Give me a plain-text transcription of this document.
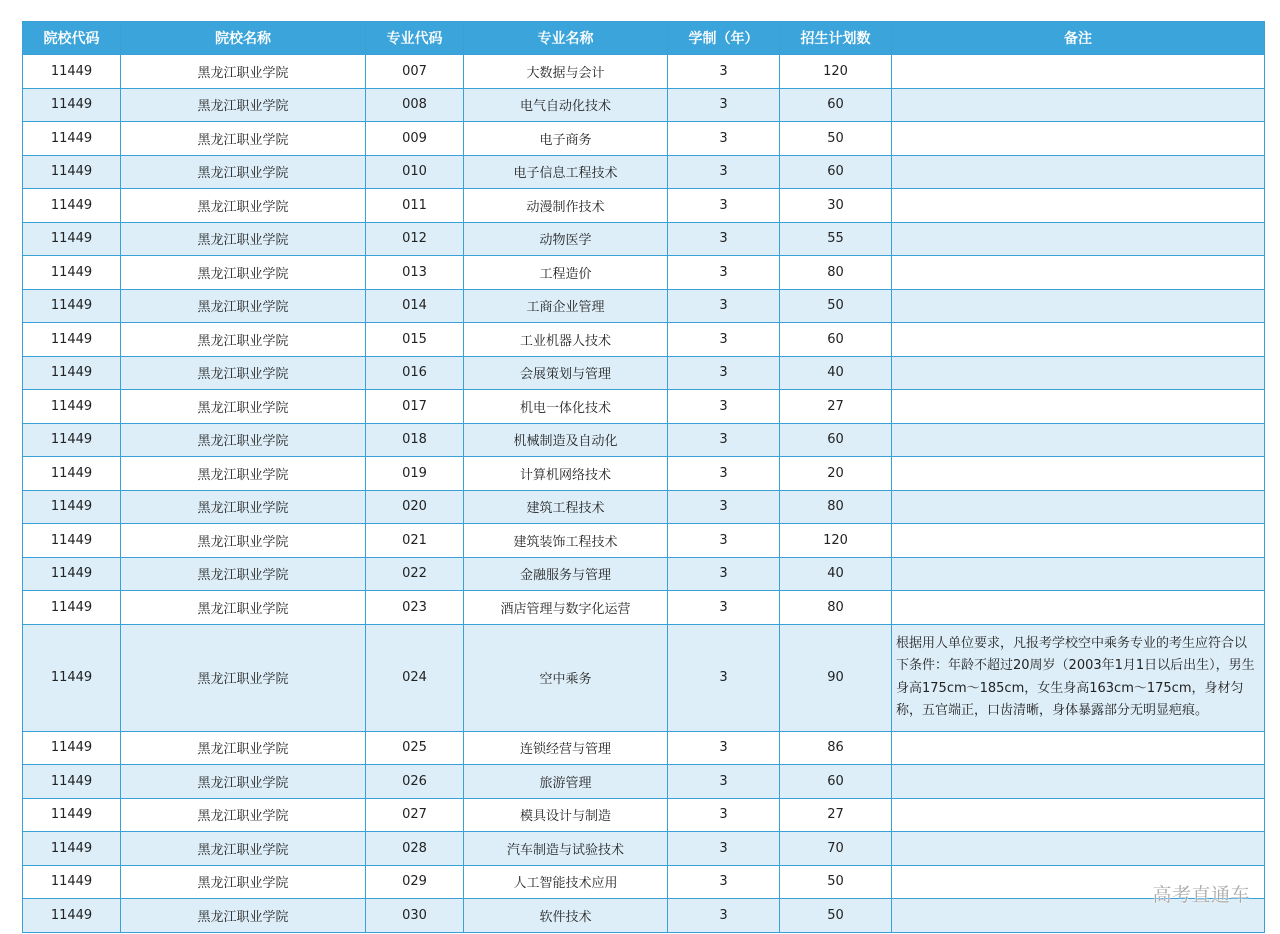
院校代码	院校名称	专业代码	专业名称	学制（年）	招生计划数	备注
11449	黑龙江职业学院	007	大数据与会计	3	120	
11449	黑龙江职业学院	008	电气自动化技术	3	60	
11449	黑龙江职业学院	009	电子商务	3	50	
11449	黑龙江职业学院	010	电子信息工程技术	3	60	
11449	黑龙江职业学院	011	动漫制作技术	3	30	
11449	黑龙江职业学院	012	动物医学	3	55	
11449	黑龙江职业学院	013	工程造价	3	80	
11449	黑龙江职业学院	014	工商企业管理	3	50	
11449	黑龙江职业学院	015	工业机器人技术	3	60	
11449	黑龙江职业学院	016	会展策划与管理	3	40	
11449	黑龙江职业学院	017	机电一体化技术	3	27	
11449	黑龙江职业学院	018	机械制造及自动化	3	60	
11449	黑龙江职业学院	019	计算机网络技术	3	20	
11449	黑龙江职业学院	020	建筑工程技术	3	80	
11449	黑龙江职业学院	021	建筑装饰工程技术	3	120	
11449	黑龙江职业学院	022	金融服务与管理	3	40	
11449	黑龙江职业学院	023	酒店管理与数字化运营	3	80	
11449	黑龙江职业学院	024	空中乘务	3	90	根据用人单位要求，凡报考学校空中乘务专业的考生应符合以下条件：年龄不超过20周岁（2003年1月1日以后出生），男生身高175cm～185cm，女生身高163cm～175cm，身材匀称，五官端正，口齿清晰，身体暴露部分无明显疤痕。
11449	黑龙江职业学院	025	连锁经营与管理	3	86	
11449	黑龙江职业学院	026	旅游管理	3	60	
11449	黑龙江职业学院	027	模具设计与制造	3	27	
11449	黑龙江职业学院	028	汽车制造与试验技术	3	70	
11449	黑龙江职业学院	029	人工智能技术应用	3	50	
11449	黑龙江职业学院	030	软件技术	3	50	
高考直通车
